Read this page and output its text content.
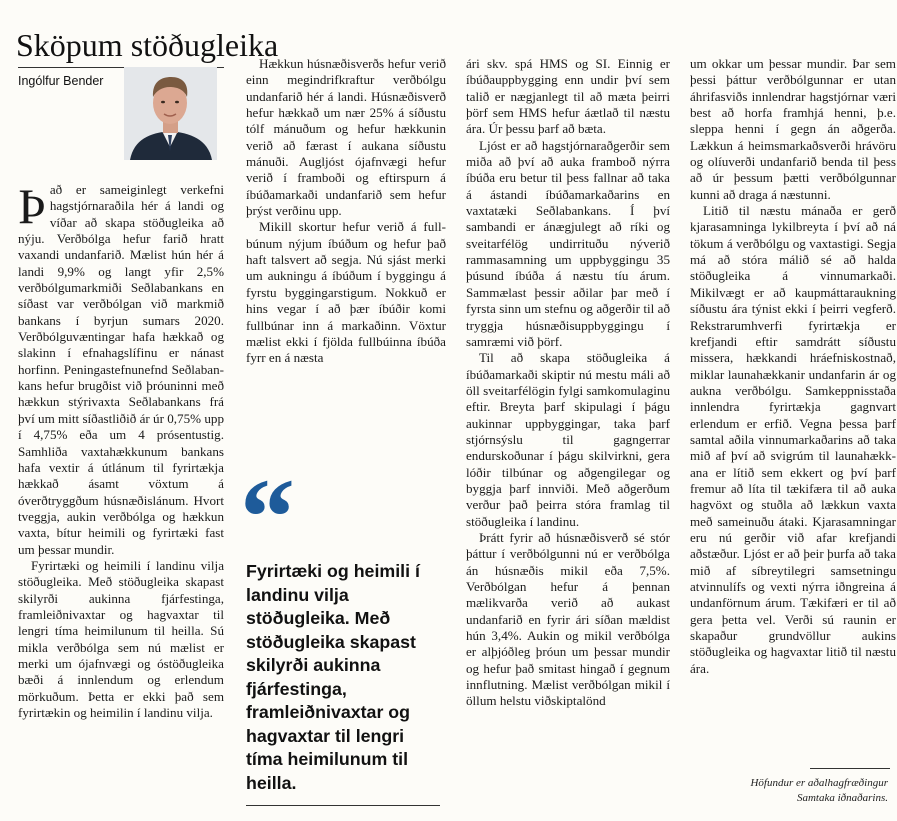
Sköpum stöðugleika
Ingólfur Bender

Það er sameiginlegt verkefni hagstjórnaraðila hér á landi og víðar að skapa stöðugleika að nýju. Verðbólga hefur farið hratt vaxandi undanfarið. Mælist hún hér á landi 9,9% og langt yfir 2,5% verðbólgumarkmiði Seðlabankans en síðast var verðbólgan við markmið bankans í byrjun sumars 2020. Verðbólguvæntingar hafa hækkað og slakinn í efnahagslífinu er nánast horfinn. Peningastefnunefnd Seðlabankans hefur brugðist við þróuninni með hækkun stýrivaxta Seðlabankans frá því um mitt síðastliðið ár úr 0,75% upp í 4,75% eða um 4 prósentustig. Samhliða vaxtahækkunum bankans hafa vextir á útlánum til fyrirtækja hækkað ásamt vöxtum á óverðtryggðum húsnæðislánum. Hvort tveggja, aukin verðbólga og hækkun vaxta, bítur heimili og fyrirtæki fast um þessar mundir.

Fyrirtæki og heimili í landinu vilja stöðugleika. Með stöðugleika skapast skilyrði aukinna fjárfestinga, framleiðnivaxtar og hagvaxtar til lengri tíma heimilunum til heilla. Sú mikla verðbólga sem nú mælist er merki um ójafnvægi og óstöðugleika bæði á innlendum og erlendum mörkuðum. Þetta er ekki það sem fyrirtækin og heimilin í landinu vilja.

Hækkun húsnæðisverðs hefur verið einn megindrifkraftur verðbólgu undanfarið hér á landi. Húsnæðisverð hefur hækkað um nær 25% á síðustu tólf mánuðum og hefur hækkunin verið að færast í aukana síðustu mánuði. Augljóst ójafnvægi hefur verið í framboði og eftirspurn á íbúðamarkaði undanfarið sem hefur þrýst verðinu upp.

Mikill skortur hefur verið á fullbúnum nýjum íbúðum og hefur það haft talsvert að segja. Nú sjást merki um aukningu á íbúðum í byggingu á fyrstu byggingarstigum. Nokkuð er hins vegar í að þær íbúðir komi fullbúnar inn á markaðinn. Vöxtur mælist ekki í fjölda fullbúinna íbúða fyrr en á næsta

“
Fyrirtæki og heimili í landinu vilja stöðugleika. Með stöðugleika skapast skilyrði aukinna fjárfestinga, framleiðnivaxtar og hagvaxtar til lengri tíma heimilunum til heilla.

ári skv. spá HMS og SI. Einnig er íbúðauppbygging enn undir því sem talið er nægjanlegt til að mæta þeirri þörf sem HMS hefur áætlað til næstu ára. Úr þessu þarf að bæta.

Ljóst er að hagstjórnaraðgerðir sem miða að því að auka framboð nýrra íbúða eru betur til þess fallnar að taka á ástandi íbúðamarkaðarins en vaxtatæki Seðlabankans. Í því sambandi er ánægjulegt að ríki og sveitarfélög undirrituðu nýverið rammasamning um uppbyggingu 35 þúsund íbúða á næstu tíu árum. Sammælast þessir aðilar þar með í fyrsta sinn um stefnu og aðgerðir til að tryggja húsnæðisuppbyggingu í samræmi við þörf.

Til að skapa stöðugleika á íbúðamarkaði skiptir nú mestu máli að öll sveitarfélögin fylgi samkomulaginu eftir. Breyta þarf skipulagi í þágu aukinnar uppbyggingar, taka þarf stjórnsýslu til gagngerrar endurskoðunar í þágu skilvirkni, gera lóðir tilbúnar og aðgengilegar og byggja þarf innviði. Með aðgerðum verður það þeirra stóra framlag til stöðugleika í landinu.

Þrátt fyrir að húsnæðisverð sé stór þáttur í verðbólgunni nú er verðbólga án húsnæðis mikil eða 7,5%. Verðbólgan hefur á þennan mælikvarða verið að aukast undanfarið en fyrir ári síðan mældist hún 3,4%. Aukin og mikil verðbólga er alþjóðleg þróun um þessar mundir og hefur það smitast hingað í gegnum innflutning. Mælist verðbólgan mikil í öllum helstu viðskiptalönd

um okkar um þessar mundir. Þar sem þessi þáttur verðbólgunnar er utan áhrifasviðs innlendrar hagstjórnar væri best að horfa framhjá henni, þ.e. sleppa henni í gegn án aðgerða. Lækkun á heimsmarkaðsverði hrávöru og olíuverði undanfarið benda til þess að úr þessum þætti verðbólgunnar kunni að draga á næstunni.

Litið til næstu mánaða er gerð kjarasamninga lykilbreyta í því að ná tökum á verðbólgu og vaxtastigi. Segja má að stóra málið sé að halda stöðugleika á vinnumarkaði. Mikilvægt er að kaupmáttaraukning síðustu ára týnist ekki í þeirri vegferð. Rekstrarumhverfi fyrirtækja er krefjandi eftir samdrátt síðustu missera, hækkandi hráefniskostnað, miklar launahækkanir undanfarin ár og aukna verðbólgu. Samkeppnisstaða innlendra fyrirtækja gagnvart erlendum er erfið. Vegna þessa þarf samtal aðila vinnumarkaðarins að taka mið af því að svigrúm til launahækkana er lítið sem ekkert og því þarf fremur að líta til tækifæra til að auka hagvöxt og stuðla að lækkun vaxta með sameinuðu átaki. Kjarasamningar eru nú gerðir við afar krefjandi aðstæður. Ljóst er að þeir þurfa að taka mið af síbreytilegri samsetningu atvinnulífs og vexti nýrra iðngreina á undanförnum árum. Tækifæri er til að gera þetta vel. Verði sú raunin er skapaður grundvöllur aukins stöðugleika og hagvaxtar litið til næstu ára.

Höfundur er aðalhagfræðingur Samtaka iðnaðarins.
